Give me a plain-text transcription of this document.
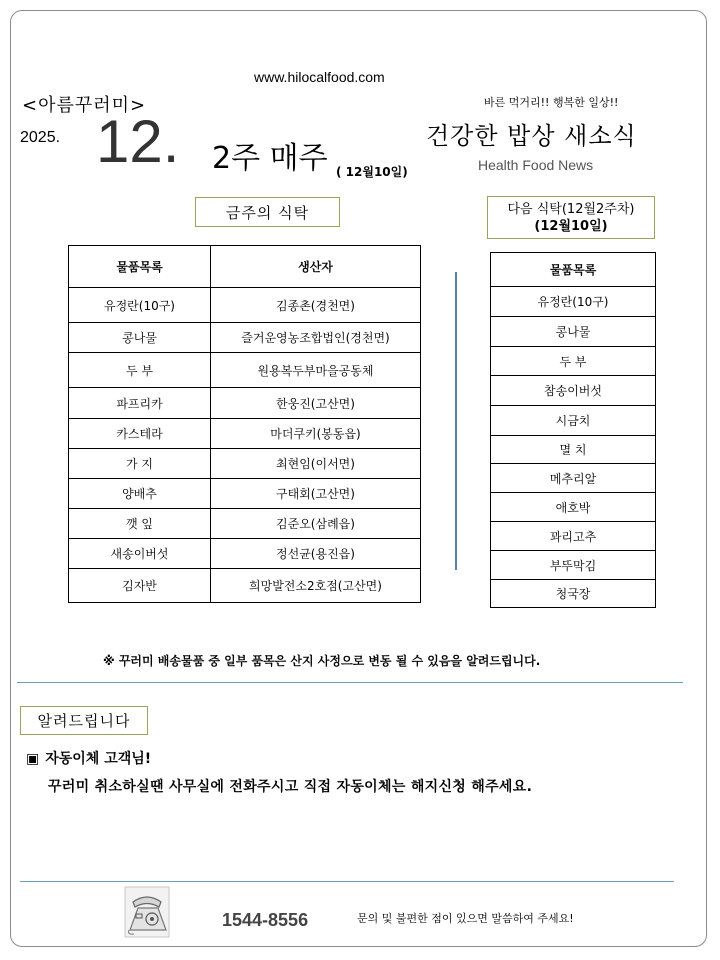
www.hilocalfood.com
<아름꾸러미>
2025. 12. 2주 매주 ( 12월10일)
바른 먹거리!! 행복한 일상!!
건강한 밥상 새소식
Health Food News
금주의 식탁	다음 식탁(12월2주차)
(12월10일)
물품목록	생산자
유정란(10구)	김종촌(경천면)
콩나물	즐거운영농조합법인(경천면)
두 부	원용복두부마을공동체
파프리카	한웅진(고산면)
카스테라	마더쿠키(봉동읍)
가 지	최현임(이서면)
양배추	구태회(고산면)
깻 잎	김준오(삼례읍)
새송이버섯	정선균(용진읍)
김자반	희망발전소2호점(고산면)
물품목록
유정란(10구)
콩나물
두 부
참송이버섯
시금치
멸 치
메추리알
애호박
꽈리고추
부뚜막김
청국장
※ 꾸러미 배송물품 중 일부 품목은 산지 사정으로 변동 될 수 있음을 알려드립니다.
알려드립니다
▣ 자동이체 고객님!
꾸러미 취소하실땐 사무실에 전화주시고 직접 자동이체는 해지신청 해주세요.
1544-8556	문의 및 불편한 점이 있으면 말씀하여 주세요!
